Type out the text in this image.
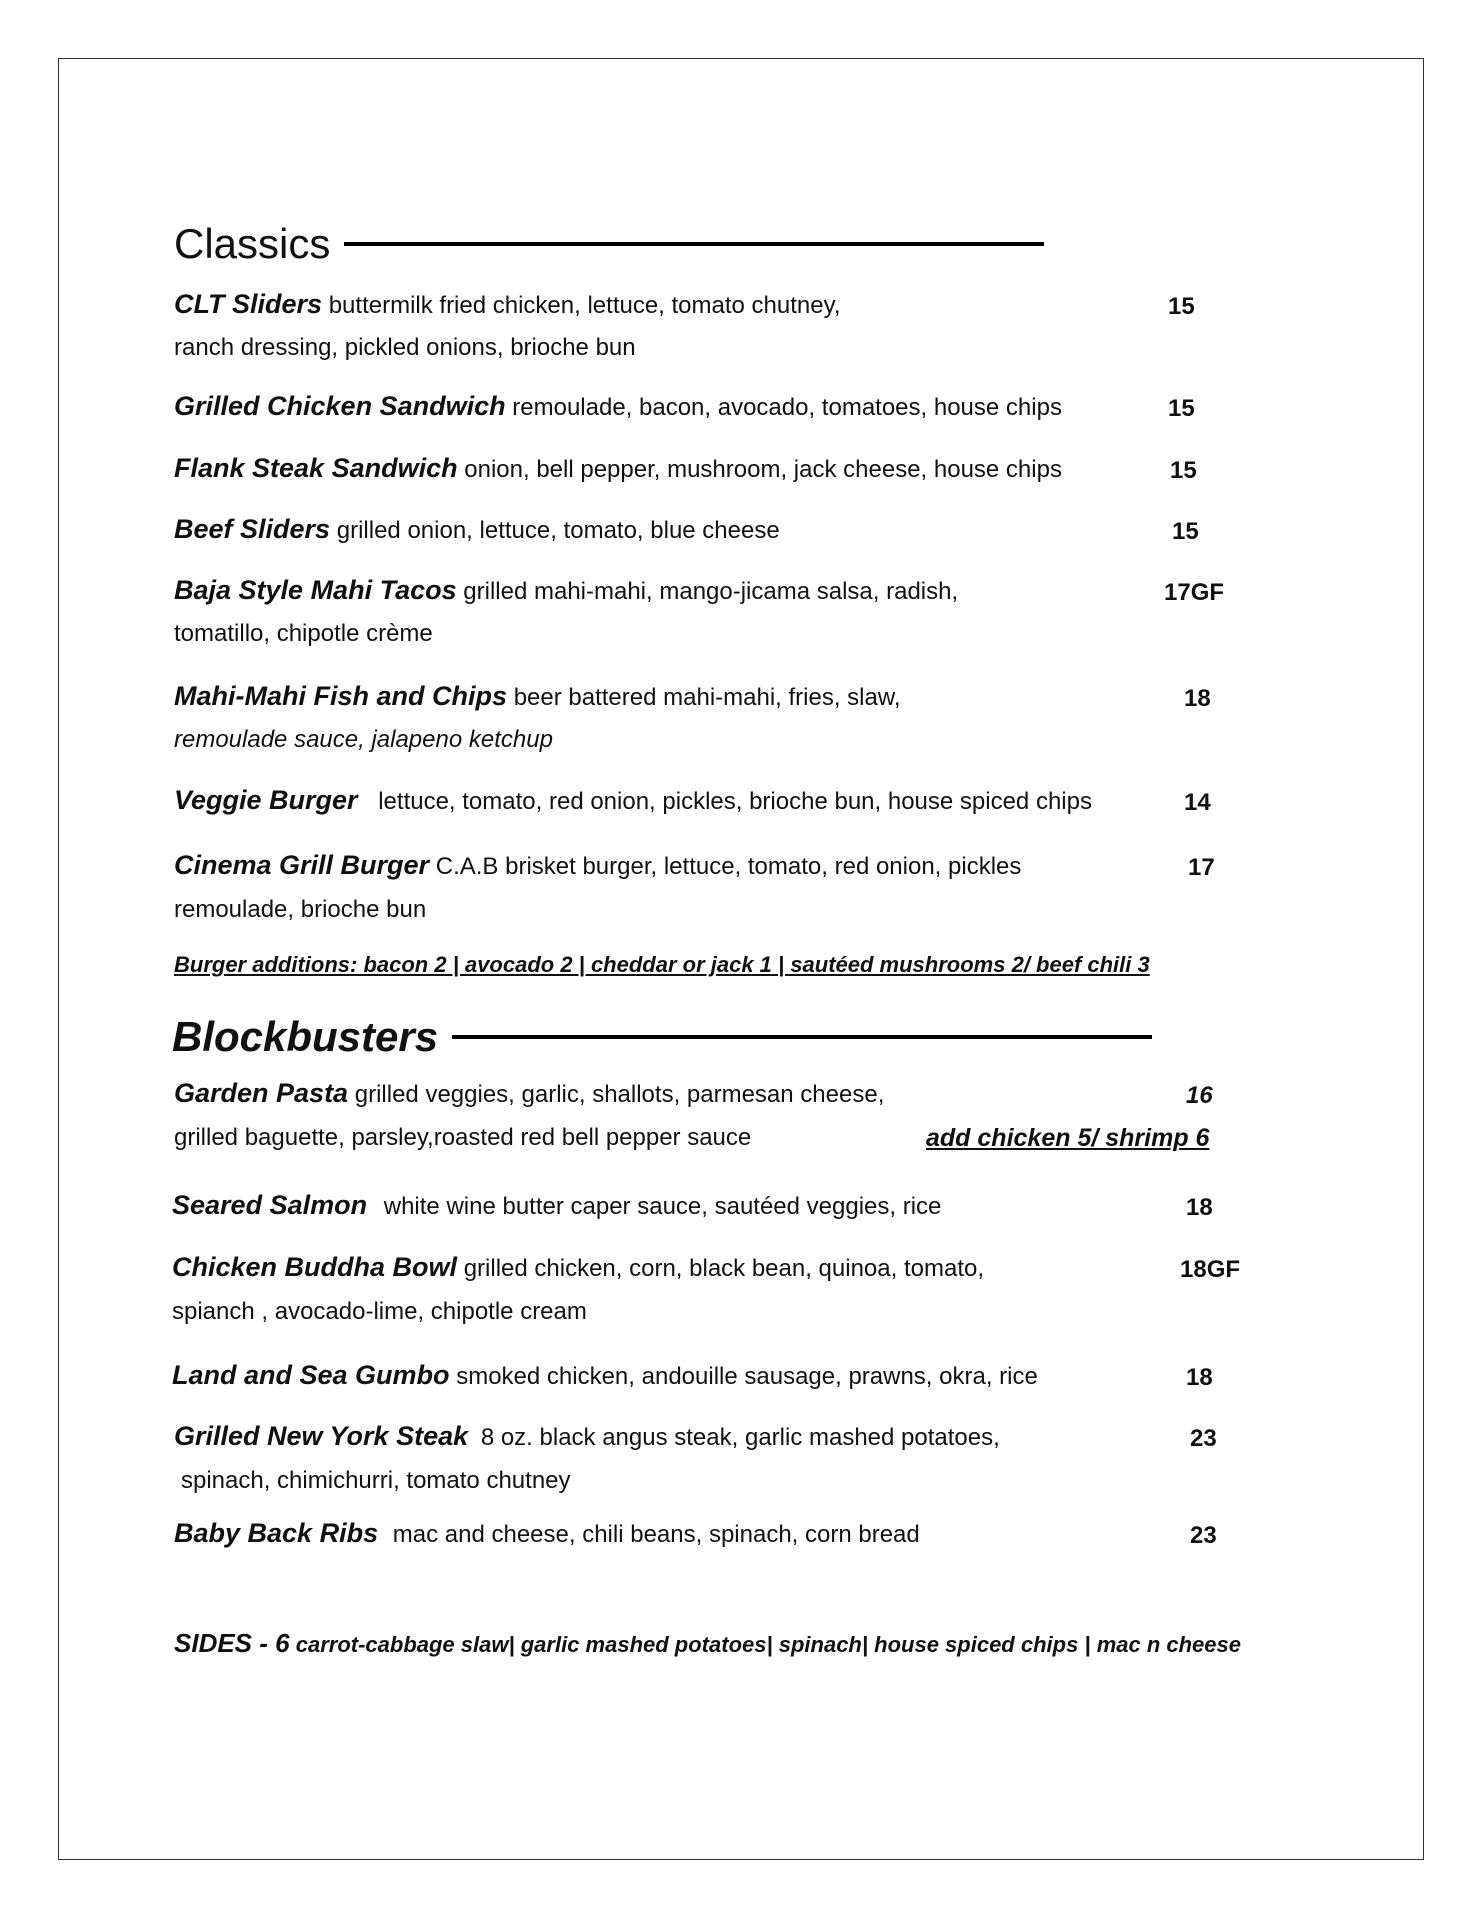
Classics
CLT Sliders buttermilk fried chicken, lettuce, tomato chutney,
ranch dressing, pickled onions, brioche bun
15
Grilled Chicken Sandwich remoulade, bacon, avocado, tomatoes, house chips	15
Flank Steak Sandwich onion, bell pepper, mushroom, jack cheese, house chips	15
Beef Sliders grilled onion, lettuce, tomato, blue cheese	15
Baja Style Mahi Tacos grilled mahi-mahi, mango-jicama salsa, radish,
tomatillo, chipotle crème
17GF
Mahi-Mahi Fish and Chips beer battered mahi-mahi, fries, slaw,
remoulade sauce, jalapeno ketchup
18
Veggie Burger lettuce, tomato, red onion, pickles, brioche bun, house spiced chips	14
Cinema Grill Burger C.A.B brisket burger, lettuce, tomato, red onion, pickles
remoulade, brioche bun
17
Burger additions: bacon 2 | avocado 2 | cheddar or jack 1 | sautéed mushrooms 2/ beef chili 3
Blockbusters
Garden Pasta grilled veggies, garlic, shallots, parmesan cheese,
grilled baguette, parsley,roasted red bell pepper sauce
16
add chicken 5/ shrimp 6
Seared Salmon white wine butter caper sauce, sautéed veggies, rice	18
Chicken Buddha Bowl grilled chicken, corn, black bean, quinoa, tomato,
spianch , avocado-lime, chipotle cream
18GF
Land and Sea Gumbo smoked chicken, andouille sausage, prawns, okra, rice	18
Grilled New York Steak 8 oz. black angus steak, garlic mashed potatoes,
spinach, chimichurri, tomato chutney
23
Baby Back Ribs mac and cheese, chili beans, spinach, corn bread	23
SIDES - 6 carrot-cabbage slaw| garlic mashed potatoes| spinach| house spiced chips | mac n cheese
